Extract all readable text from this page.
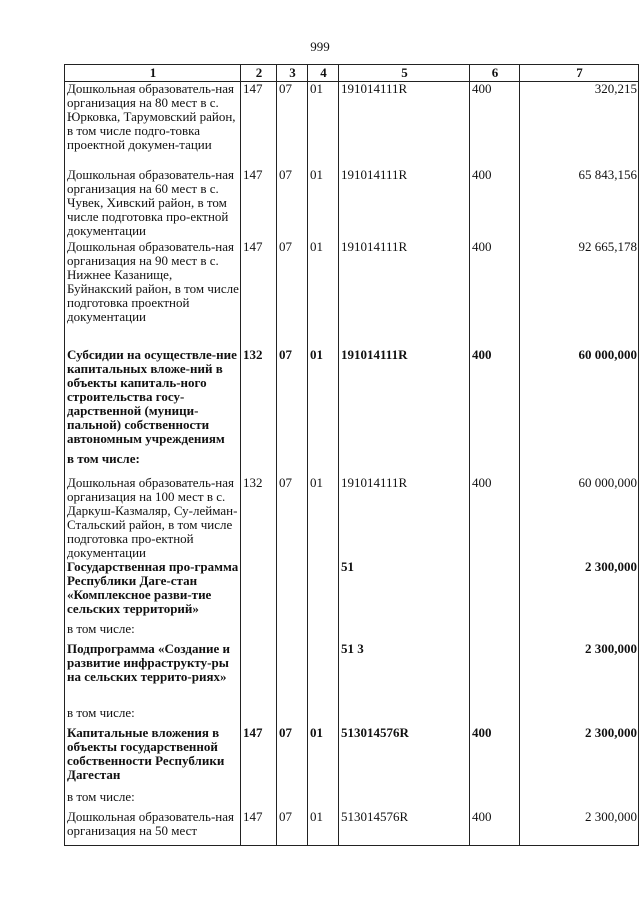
999
1	2	3	4	5	6	7
Дошкольная образователь-ная организация на 80 мест в с. Юрковка, Тарумовский район, в том числе подго-товка проектной докумен-тации	147	07	01	191014111R	400	320,215
Дошкольная образователь-ная организация на 60 мест в с. Чувек, Хивский район, в том числе подготовка про-ектной документации	147	07	01	191014111R	400	65 843,156
Дошкольная образователь-ная организация на 90 мест в с. Нижнее Казанище, Буйнакский район, в том числе подготовка проектной документации	147	07	01	191014111R	400	92 665,178
Субсидии на осуществле-ние капитальных вложе-ний в объекты капиталь-ного строительства госу-дарственной (муници-пальной) собственности автономным учреждениям	132	07	01	191014111R	400	60 000,000
в том числе:						
Дошкольная образователь-ная организация на 100 мест в с. Даркуш-Казмаляр, Су-лейман-Стальский район, в том числе подготовка про-ектной документации	132	07	01	191014111R	400	60 000,000
Государственная про-грамма Республики Даге-стан «Комплексное разви-тие сельских территорий»				51		2 300,000
в том числе:						
Подпрограмма «Создание и развитие инфраструкту-ры на сельских террито-риях»				51 3		2 300,000
в том числе:						
Капитальные вложения в объекты государственной собственности Республики Дагестан	147	07	01	513014576R	400	2 300,000
в том числе:						
Дошкольная образователь-ная организация на 50 мест	147	07	01	513014576R	400	2 300,000
